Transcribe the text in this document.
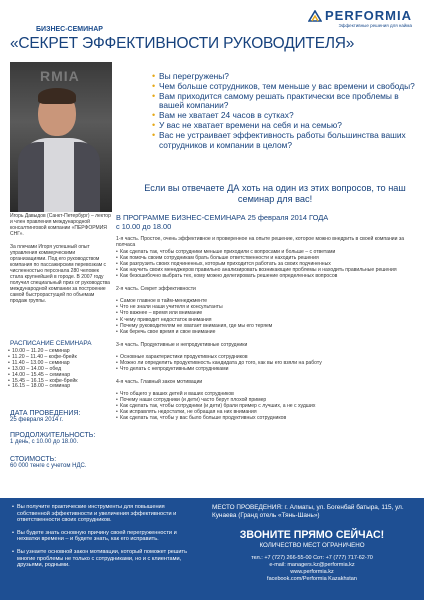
PERFORMIA
Эффективные решения для найма
БИЗНЕС-СЕМИНАР
«СЕКРЕТ ЭФФЕКТИВНОСТИ РУКОВОДИТЕЛЯ»
RMIA
Игорь Давыдов (Санкт-Петербург) – лектор и член правления международной консалтинговой компании «ПЕРФОРМИЯ СНГ».
За плечами Игоря успешный опыт управления коммерческими организациями. Под его руководством компания по пассажирским перевозкам с численностью персонала 280 человек стала крупнейшей в городе. В 2007 году получил специальный приз от руководства международной компании за построение самой быстрорастущей по объемам продаж группы.
• Вы перегружены?
• Чем больше сотрудников, тем меньше у вас времени и свободы?
• Вам приходится самому решать практически все проблемы в вашей компании?
• Вам не хватает 24 часов в сутках?
• У вас не хватает времени на себя и на семью?
• Вас не устраивает эффективность работы большинства ваших сотрудников и компании в целом?
Если вы отвечаете ДА хоть на один из этих вопросов, то наш семинар для вас!
В ПРОГРАММЕ БИЗНЕС-СЕМИНАРА 25 февраля 2014 ГОДА
с 10.00 до 18.00
1-я часть. Простое, очень эффективное и проверенное на опыте решение, которое можно внедрить в своей компании за полчаса
• Как сделать так, чтобы сотрудники меньше приходили с вопросами и больше – с ответами
• Как помочь своим сотрудникам брать больше ответственности и находить решения
• Как разгрузить своих подчиненных, которым приходится работать за своих подчиненных
• Как научить своих менеджеров правильно анализировать возникающие проблемы и находить правильные решения
• Как безошибочно выбрать тех, кому можно делегировать решение определенных вопросов
2-я часть. Секрет эффективности
• Самое главное в тайм-менеджменте
• Что не знали наши учителя и консультанты
• Что важнее – время или внимание
• К чему приводит недостаток внимания
• Почему руководителям не хватает внимания, где мы его теряем
• Как беречь свое время и свое внимание
3-я часть. Продуктивные и непродуктивные сотрудники
• Основные характеристики продуктивных сотрудников
• Можно ли определить продуктивность кандидата до того, как вы его взяли на работу
• Что делать с непродуктивными сотрудниками
4-я часть. Главный закон мотивации
• Что общего у ваших детей и ваших сотрудников
• Почему наши сотрудники (и дети) часто берут плохой пример
• Как сделать так, чтобы сотрудники (и дети) брали пример с лучших, а не с худших
• Как исправлять недостатки, не обращая на них внимания
• Как сделать так, чтобы у вас было больше продуктивных сотрудников
РАСПИСАНИЕ СЕМИНАРА
• 10.00 – 11.20 – семинар
• 11.20 – 11.40 – кофе-брейк
• 11.40 – 13.00 – семинар
• 13.00 – 14.00 – обед
• 14.00 – 15.45 – семинар
• 15.45 – 16.15 – кофе-брейк
• 16.15 – 18.00 – семинар
ДАТА ПРОВЕДЕНИЯ:
25 февраля 2014 г.
ПРОДОЛЖИТЕЛЬНОСТЬ:
1 день, с 10.00 до 18.00.
СТОИМОСТЬ:
60 000 тенге с учетом НДС.

• Вы получите практические инструменты для повышения собственной эффективности и увеличения эффективности и ответственности своих сотрудников.

• Вы будете знать основную причину своей перегруженности и нехватки времени – и будете знать, как его исправить.

• Вы узнаете основной закон мотивации, который поможет решить многие проблемы не только с сотрудниками, но и с клиентами, друзьями, родными.

МЕСТО ПРОВЕДЕНИЯ: г. Алматы, ул. Богенбай батыра, 115, ул. Кунаева (Гранд отель «Тянь-Шань»)
ЗВОНИТЕ ПРЯМО СЕЙЧАС!
КОЛИЧЕСТВО МЕСТ ОГРАНИЧЕНО
тел.: +7 (727) 266-55-00 Сот: +7 (777) 717-62-70
e-mail: managers.kz@performia.kz
www.performia.kz
facebook.com/Performia Kazakhstan
